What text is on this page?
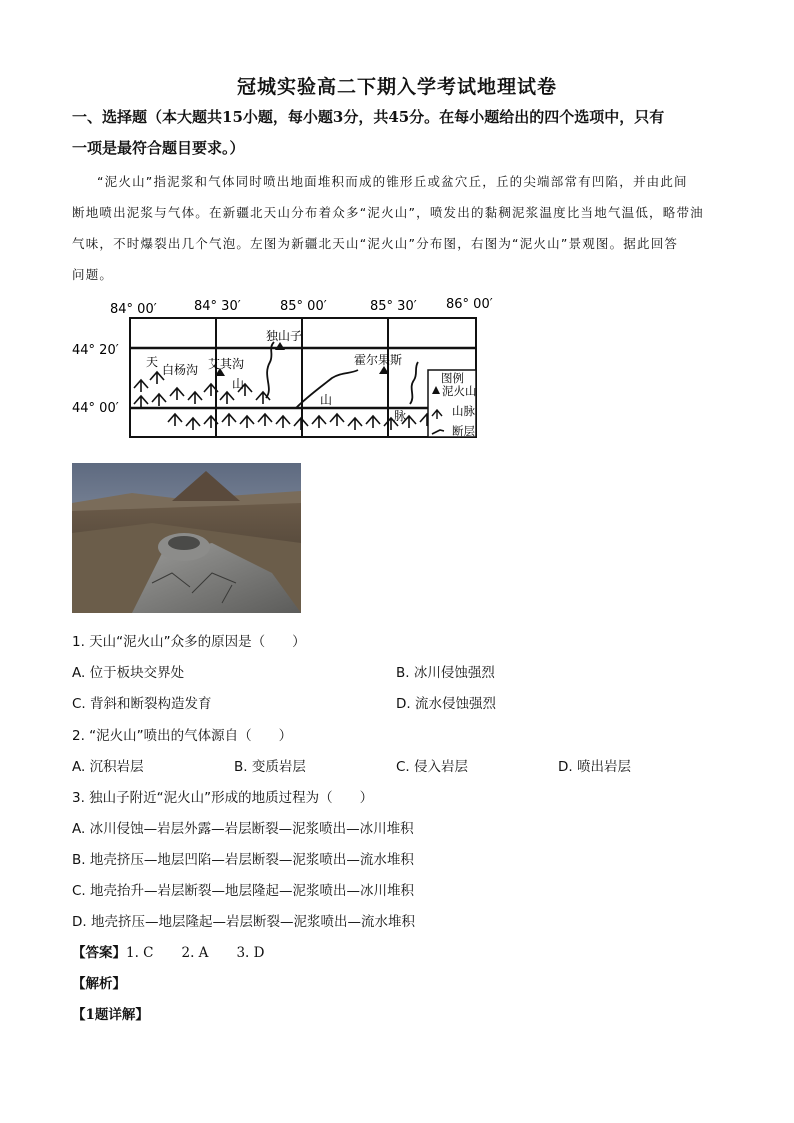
冠城实验高二下期入学考试地理试卷
一、选择题（本大题共15小题，每小题3分，共45分。在每小题给出的四个选项中，只有
一项是最符合题目要求。）
“泥火山”指泥浆和气体同时喷出地面堆积而成的锥形丘或盆穴丘，丘的尖端部常有凹陷，并由此间
断地喷出泥浆与气体。在新疆北天山分布着众多“泥火山”，喷发出的黏稠泥浆温度比当地气温低，略带油
气味，不时爆裂出几个气泡。左图为新疆北天山“泥火山”分布图，右图为“泥火山”景观图。据此回答
问题。
84° 00′	84° 30′	85° 00′	85° 30′ 86° 00′
44° 20′
44° 00′
天
白杨沟 艾其沟
山
独山子
山
霍尔果斯
脉
图例
泥火山
山脉
断层
1. 天山“泥火山”众多的原因是（　　）
A. 位于板块交界处	B. 冰川侵蚀强烈
C. 背斜和断裂构造发育	D. 流水侵蚀强烈
2. “泥火山”喷出的气体源自（　　）
A. 沉积岩层	B. 变质岩层	C. 侵入岩层	D. 喷出岩层
3. 独山子附近“泥火山”形成的地质过程为（　　）
A. 冰川侵蚀—岩层外露—岩层断裂—泥浆喷出—冰川堆积
B. 地壳挤压—地层凹陷—岩层断裂—泥浆喷出—流水堆积
C. 地壳抬升—岩层断裂—地层隆起—泥浆喷出—冰川堆积
D. 地壳挤压—地层隆起—岩层断裂—泥浆喷出—流水堆积
【答案】1. C 2. A 3. D
【解析】
【1题详解】
